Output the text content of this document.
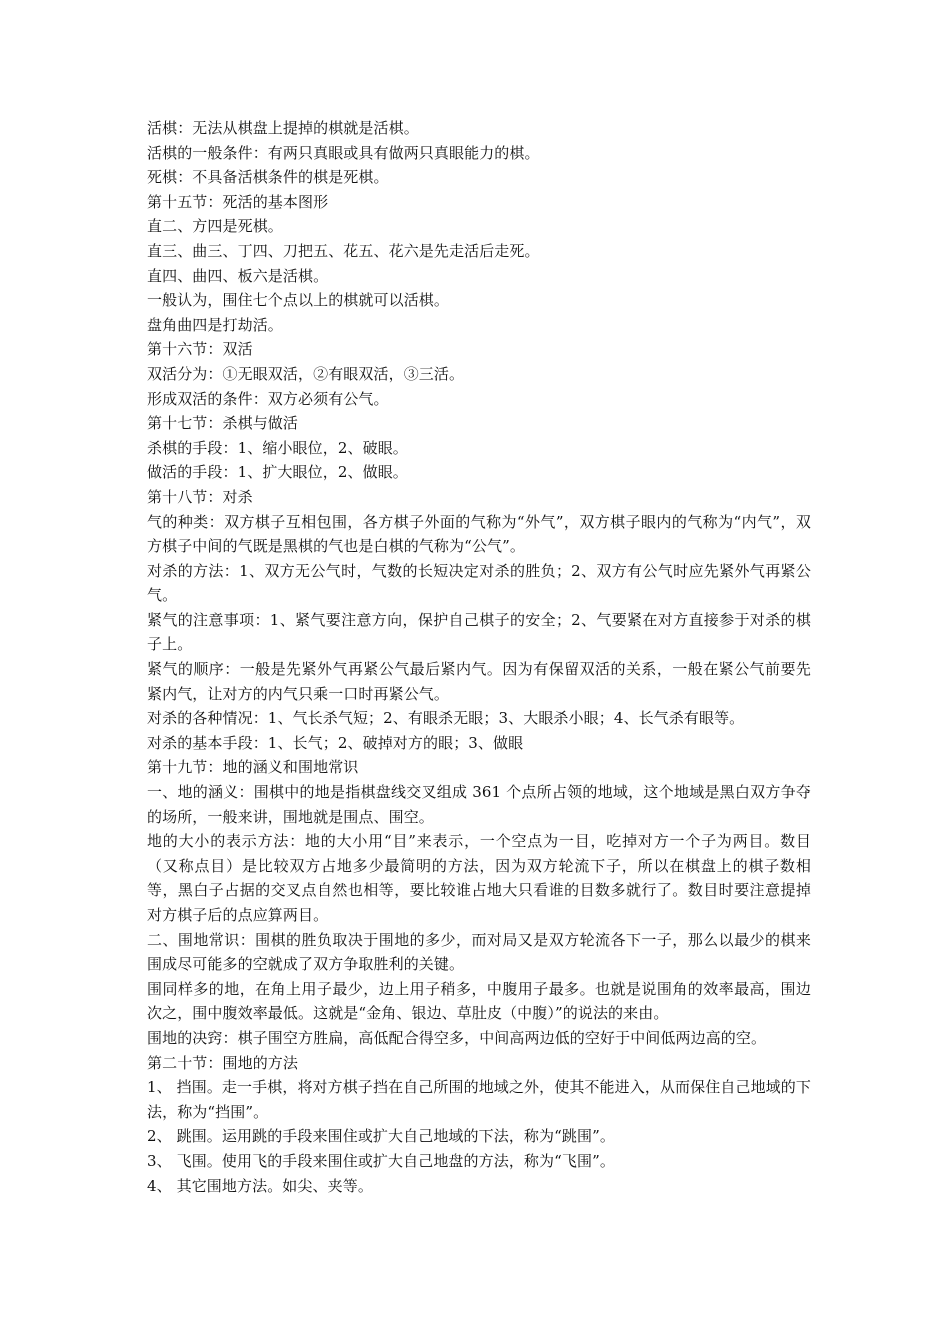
活棋：无法从棋盘上提掉的棋就是活棋。

活棋的一般条件：有两只真眼或具有做两只真眼能力的棋。

死棋：不具备活棋条件的棋是死棋。

第十五节：死活的基本图形

直二、方四是死棋。

直三、曲三、丁四、刀把五、花五、花六是先走活后走死。

直四、曲四、板六是活棋。

一般认为，围住七个点以上的棋就可以活棋。

盘角曲四是打劫活。

第十六节：双活

双活分为：①无眼双活，②有眼双活，③三活。

形成双活的条件：双方必须有公气。

第十七节：杀棋与做活

杀棋的手段：1、缩小眼位，2、破眼。

做活的手段：1、扩大眼位，2、做眼。

第十八节：对杀

气的种类：双方棋子互相包围，各方棋子外面的气称为“外气”，双方棋子眼内的气称为“内气”，双方棋子中间的气既是黑棋的气也是白棋的气称为“公气”。

对杀的方法：1、双方无公气时，气数的长短决定对杀的胜负；2、双方有公气时应先紧外气再紧公气。

紧气的注意事项：1、紧气要注意方向，保护自己棋子的安全；2、气要紧在对方直接参于对杀的棋子上。

紧气的顺序：一般是先紧外气再紧公气最后紧内气。因为有保留双活的关系，一般在紧公气前要先紧内气，让对方的内气只乘一口时再紧公气。

对杀的各种情况：1、气长杀气短；2、有眼杀无眼；3、大眼杀小眼；4、长气杀有眼等。

对杀的基本手段：1、长气；2、破掉对方的眼；3、做眼

第十九节：地的涵义和围地常识

一、地的涵义：围棋中的地是指棋盘线交叉组成 361 个点所占领的地域，这个地域是黑白双方争夺的场所，一般来讲，围地就是围点、围空。

地的大小的表示方法：地的大小用“目”来表示，一个空点为一目，吃掉对方一个子为两目。数目（又称点目）是比较双方占地多少最简明的方法，因为双方轮流下子，所以在棋盘上的棋子数相等，黑白子占据的交叉点自然也相等，要比较谁占地大只看谁的目数多就行了。数目时要注意提掉对方棋子后的点应算两目。

二、围地常识：围棋的胜负取决于围地的多少，而对局又是双方轮流各下一子，那么以最少的棋来围成尽可能多的空就成了双方争取胜利的关键。

围同样多的地，在角上用子最少，边上用子稍多，中腹用子最多。也就是说围角的效率最高，围边次之，围中腹效率最低。这就是“金角、银边、草肚皮（中腹）”的说法的来由。

围地的决窍：棋子围空方胜扁，高低配合得空多，中间高两边低的空好于中间低两边高的空。

第二十节：围地的方法

1、 挡围。走一手棋，将对方棋子挡在自己所围的地域之外，使其不能进入，从而保住自己地域的下法，称为“挡围”。

2、 跳围。运用跳的手段来围住或扩大自己地域的下法，称为“跳围”。

3、 飞围。使用飞的手段来围住或扩大自己地盘的方法，称为“飞围”。

4、 其它围地方法。如尖、夹等。
